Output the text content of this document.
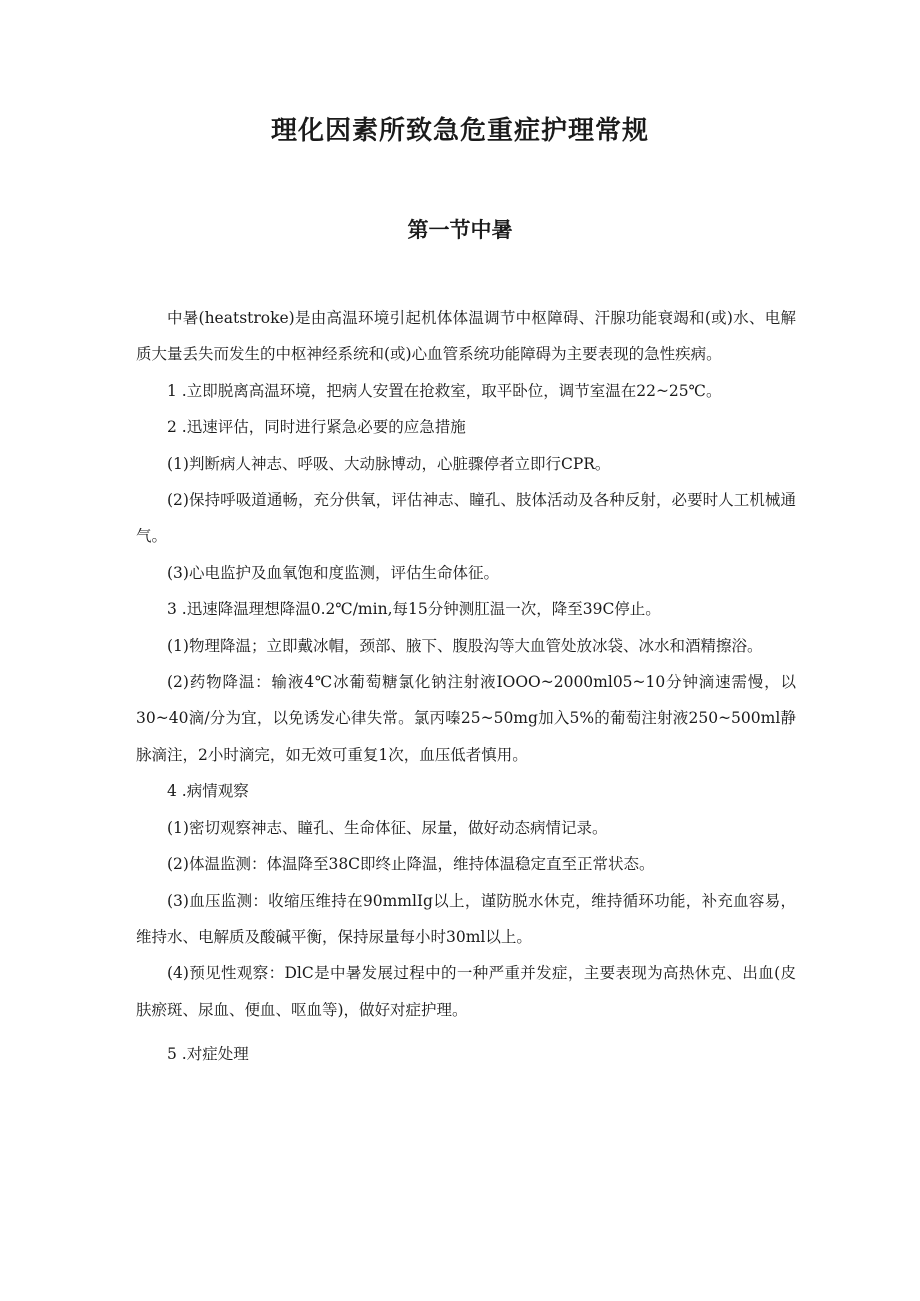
理化因素所致急危重症护理常规
第一节中暑

中暑(heatstroke)是由高温环境引起机体体温调节中枢障碍、汗腺功能衰竭和(或)水、电解质大量丢失而发生的中枢神经系统和(或)心血管系统功能障碍为主要表现的急性疾病。

1 .立即脱离高温环境，把病人安置在抢救室，取平卧位，调节室温在22~25℃。

2 .迅速评估，同时进行紧急必要的应急措施

(1)判断病人神志、呼吸、大动脉博动，心脏骤停者立即行CPR。

(2)保持呼吸道通畅，充分供氧，评估神志、瞳孔、肢体活动及各种反射，必要时人工机械通气。

(3)心电监护及血氧饱和度监测，评估生命体征。

3 .迅速降温理想降温0.2℃/min,每15分钟测肛温一次，降至39C停止。

(1)物理降温；立即戴冰帽，颈部、腋下、腹股沟等大血管处放冰袋、冰水和酒精擦浴。

(2)药物降温：输液4℃冰葡萄糖氯化钠注射液IOOO~2000ml05~10分钟滴速需慢，以30~40滴/分为宜，以免诱发心律失常。氯丙嗪25~50mg加入5%的葡萄注射液250~500ml静脉滴注，2小时滴完，如无效可重复1次，血压低者慎用。

4 .病情观察

(1)密切观察神志、瞳孔、生命体征、尿量，做好动态病情记录。

(2)体温监测：体温降至38C即终止降温，维持体温稳定直至正常状态。

(3)血压监测：收缩压维持在90mmlIg以上，谨防脱水休克，维持循环功能，补充血容易，维持水、电解质及酸碱平衡，保持尿量每小时30ml以上。

(4)预见性观察：DlC是中暑发展过程中的一种严重并发症，主要表现为高热休克、出血(皮肤瘀斑、尿血、便血、呕血等)，做好对症护理。

5 .对症处理
